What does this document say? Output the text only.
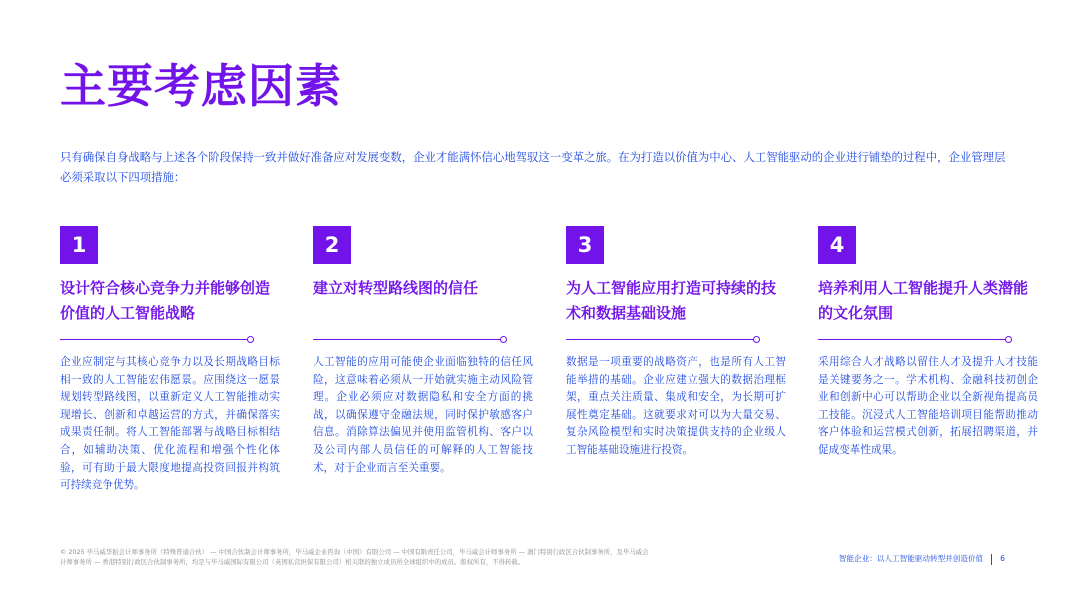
主要考虑因素
只有确保自身战略与上述各个阶段保持一致并做好准备应对发展变数，企业才能满怀信心地驾驭这一变革之旅。在为打造以价值为中心、人工智能驱动的企业进行铺垫的过程中，企业管理层必须采取以下四项措施：
1
设计符合核心竞争力并能够创造价值的人工智能战略
企业应制定与其核心竞争力以及长期战略目标相一致的人工智能宏伟愿景。应围绕这一愿景规划转型路线图，以重新定义人工智能推动实现增长、创新和卓越运营的方式，并确保落实成果责任制。将人工智能部署与战略目标相结合，如辅助决策、优化流程和增强个性化体验，可有助于最大限度地提高投资回报并构筑可持续竞争优势。
2
建立对转型路线图的信任
人工智能的应用可能使企业面临独特的信任风险，这意味着必须从一开始就实施主动风险管理。企业必须应对数据隐私和安全方面的挑战，以确保遵守金融法规，同时保护敏感客户信息。消除算法偏见并使用监管机构、客户以及公司内部人员信任的可解释的人工智能技术，对于企业而言至关重要。
3
为人工智能应用打造可持续的技术和数据基础设施
数据是一项重要的战略资产，也是所有人工智能举措的基础。企业应建立强大的数据治理框架，重点关注质量、集成和安全，为长期可扩展性奠定基础。这就要求对可以为大量交易、复杂风险模型和实时决策提供支持的企业级人工智能基础设施进行投资。
4
培养利用人工智能提升人类潜能的文化氛围
采用综合人才战略以留住人才及提升人才技能是关键要务之一。学术机构、金融科技初创企业和创新中心可以帮助企业以全新视角提高员工技能。沉浸式人工智能培训项目能帮助推动客户体验和运营模式创新，拓展招聘渠道，并促成变革性成果。
© 2025 毕马威华振会计师事务所（特殊普通合伙） — 中国合伙制会计师事务所，毕马威企业咨询（中国）有限公司 — 中国有限责任公司，毕马威会计师事务所 — 澳门特别行政区合伙制事务所，及毕马威会计师事务所 — 香港特别行政区合伙制事务所，均是与毕马威国际有限公司（英国私营担保有限公司）相关联的独立成员所全球组织中的成员。版权所有，不得转载。	智能企业：以人工智能驱动转型并创造价值 6
